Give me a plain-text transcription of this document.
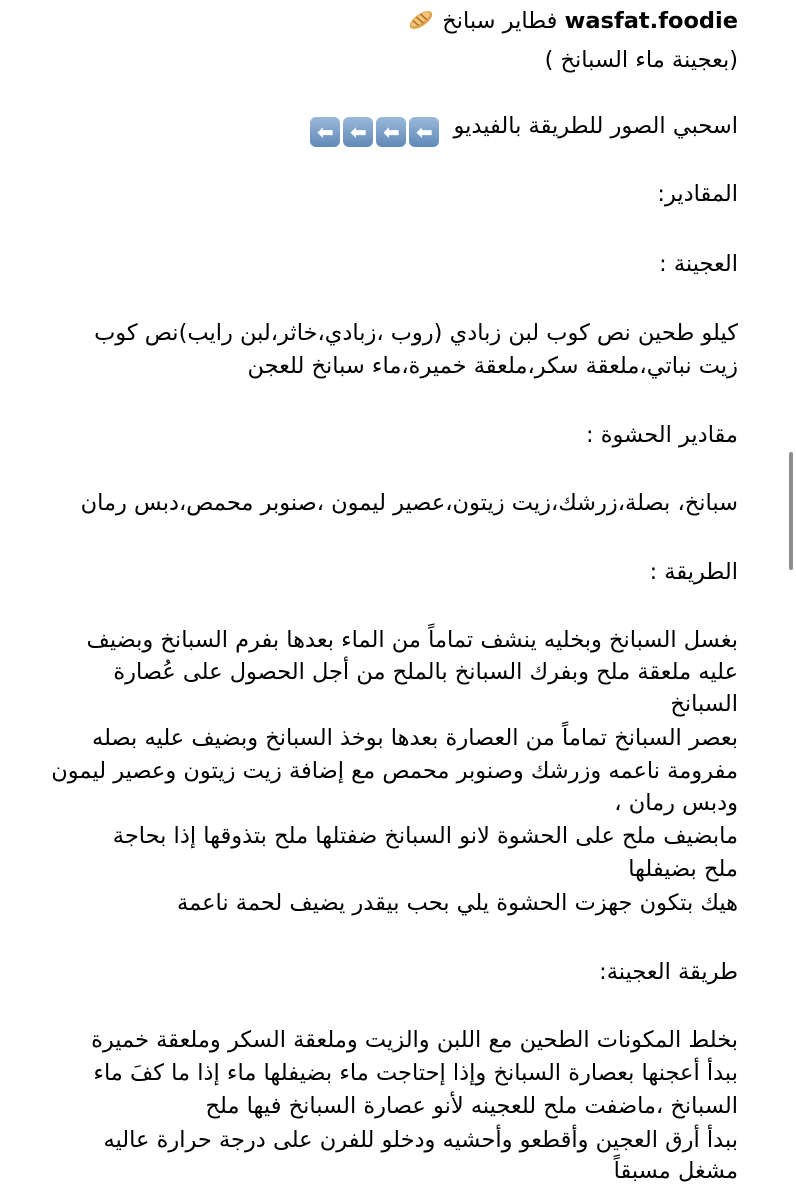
wasfat.foodie فطاير سبانخ
(بعجينة ماء السبانخ )
اسحبي الصور للطريقة بالفيديو ⬅ ⬅ ⬅ ⬅
المقادير:
العجينة :
كيلو طحين نص كوب لبن زبادي (روب ،زبادي،خاثر،لبن رايب)نص كوب
زيت نباتي،ملعقة سكر،ملعقة خميرة،ماء سبانخ للعجن
مقادير الحشوة :
سبانخ، بصلة،زرشك،زيت زيتون،عصير ليمون ،صنوبر محمص،دبس رمان
الطريقة :
بغسل السبانخ وبخليه ينشف تماماً من الماء بعدها بفرم السبانخ وبضيف
عليه ملعقة ملح وبفرك السبانخ بالملح من أجل الحصول على عُصارة
السبانخ
بعصر السبانخ تماماً من العصارة بعدها بوخذ السبانخ وبضيف عليه بصله
مفرومة ناعمه وزرشك وصنوبر محمص مع إضافة زيت زيتون وعصير ليمون
ودبس رمان ،
مابضيف ملح على الحشوة لانو السبانخ ضفتلها ملح بتذوقها إذا بحاجة
ملح بضيفلها
هيك بتكون جهزت الحشوة يلي بحب بيقدر يضيف لحمة ناعمة
طريقة العجينة:
بخلط المكونات الطحين مع اللبن والزيت وملعقة السكر وملعقة خميرة
ببدأ أعجنها بعصارة السبانخ وإذا إحتاجت ماء بضيفلها ماء إذا ما كفَ ماء
السبانخ ،ماضفت ملح للعجينه لأنو عصارة السبانخ فيها ملح
ببدأ أرق العجين وأقطعو وأحشيه ودخلو للفرن على درجة حرارة عاليه
مشغل مسبقاً
